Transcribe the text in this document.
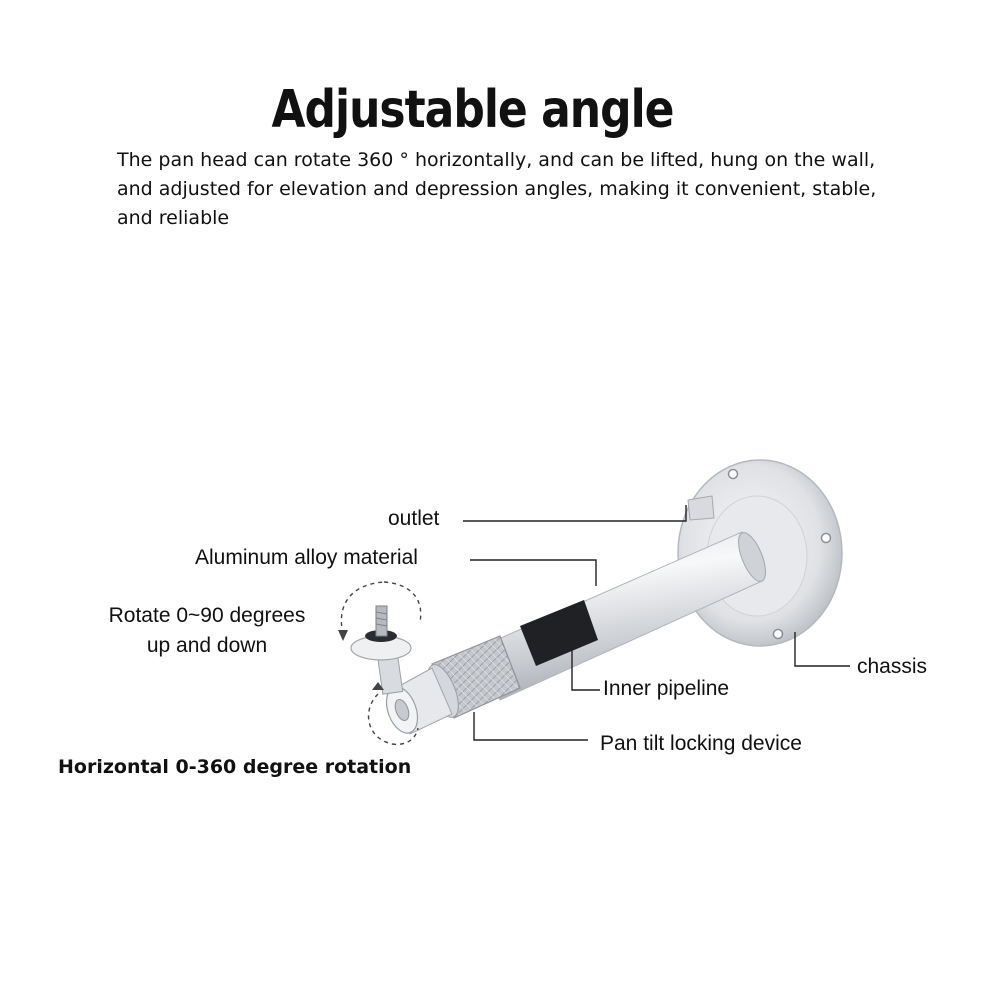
Adjustable angle
The pan head can rotate 360 ° horizontally, and can be lifted, hung on the wall, and adjusted for elevation and depression angles, making it convenient, stable, and reliable
outlet
Aluminum alloy material
Rotate 0~90 degrees
up and down
chassis
Inner pipeline
Pan tilt locking device
Horizontal 0-360 degree rotation
